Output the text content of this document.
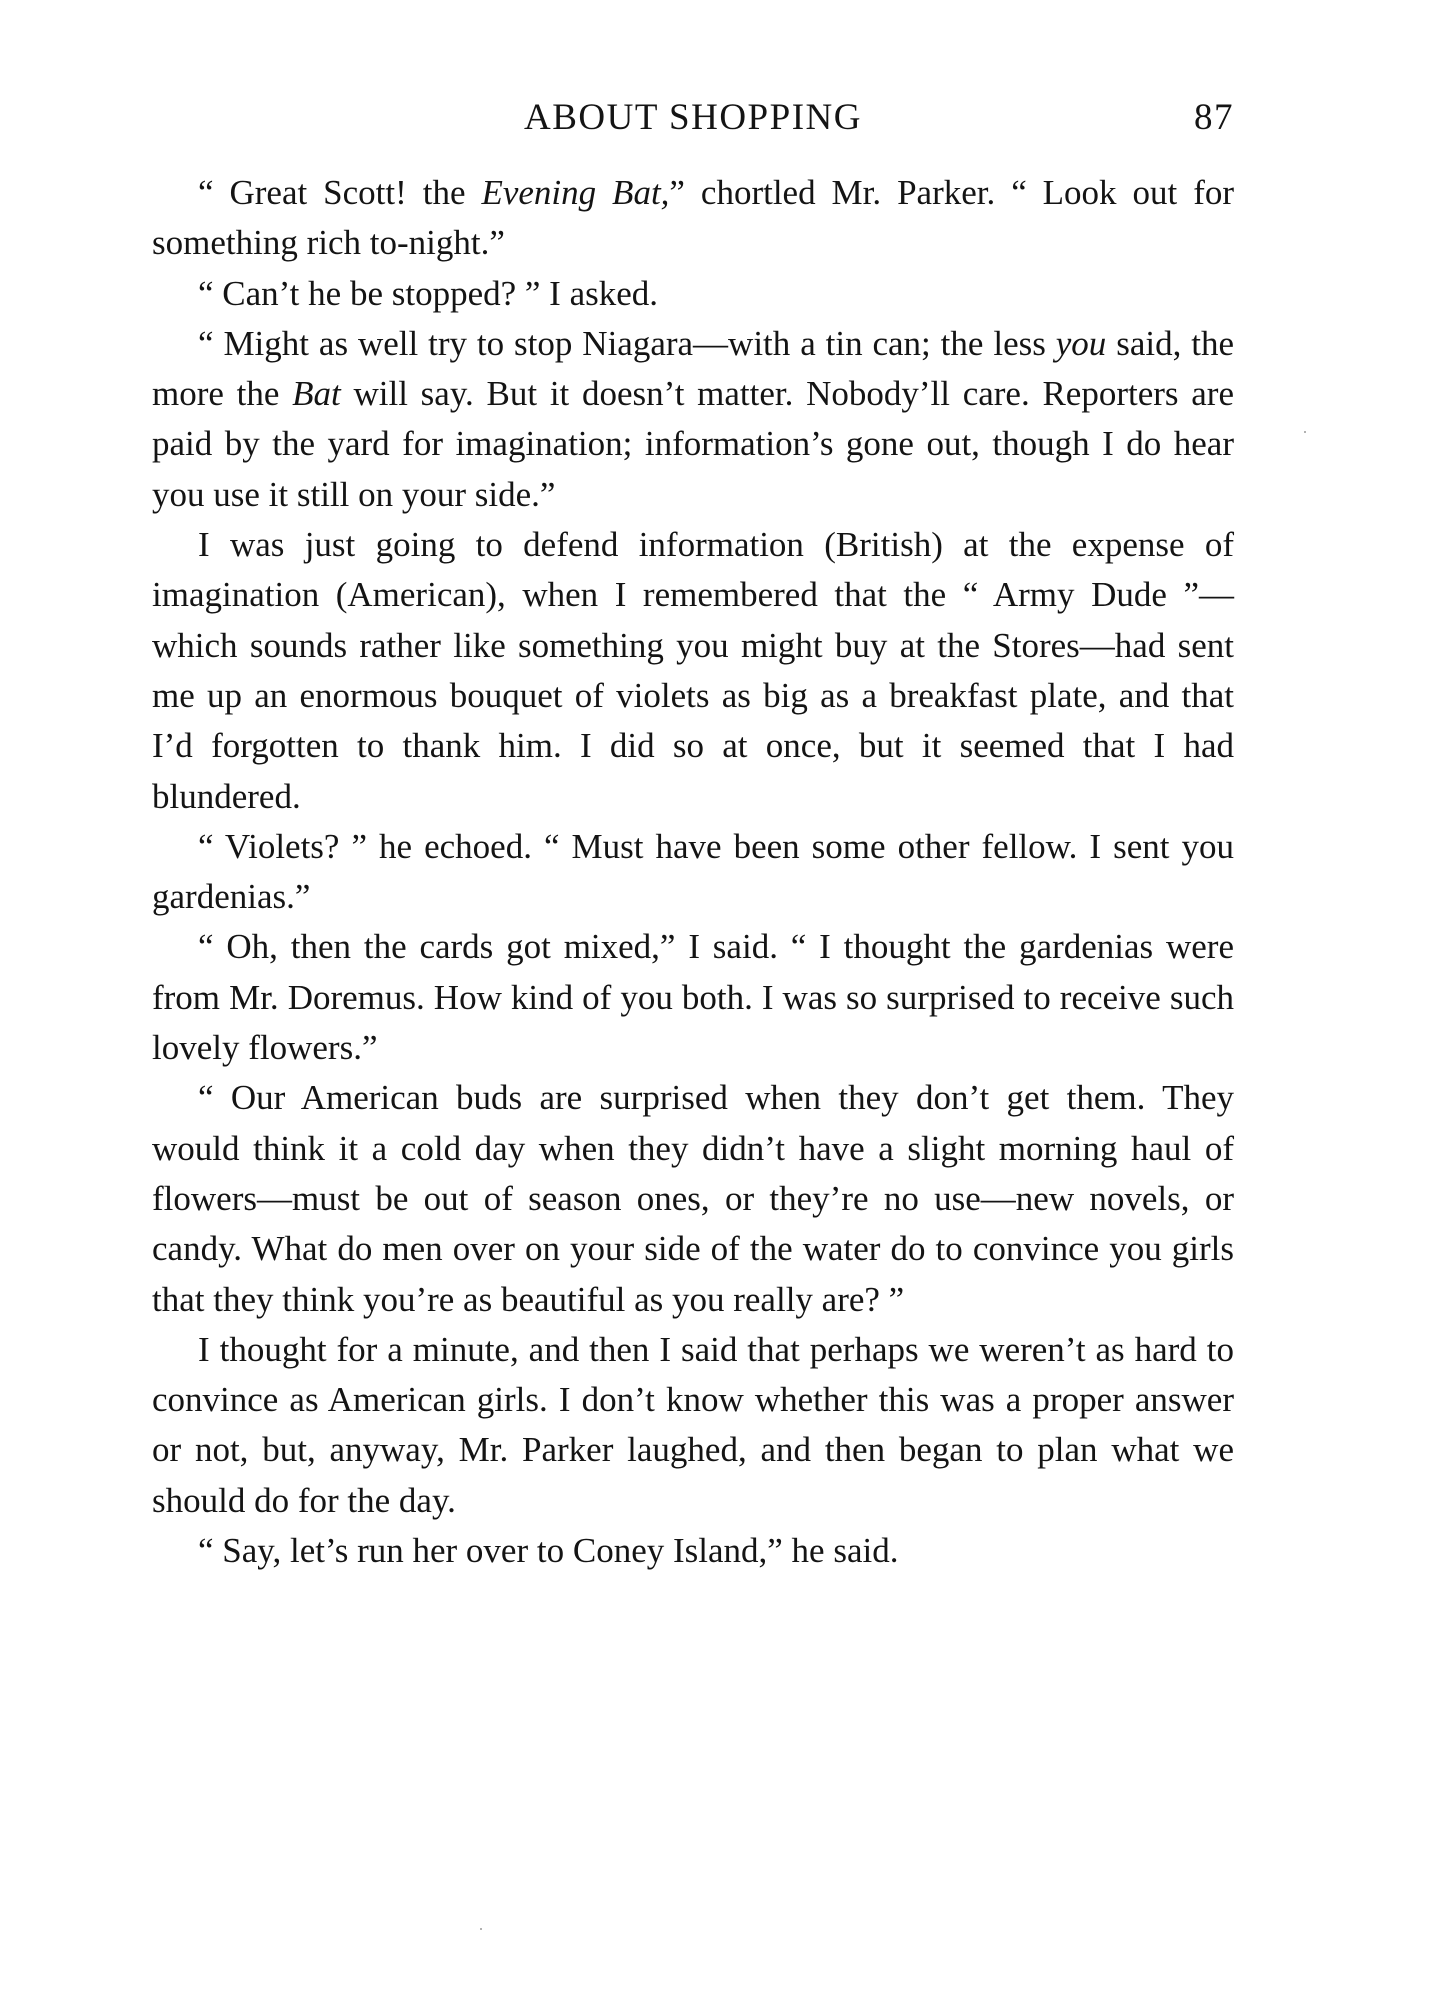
ABOUT SHOPPING	87

“ Great Scott! the Evening Bat,” chortled Mr. Parker. “ Look out for something rich to-night.”

“ Can’t he be stopped? ” I asked.

“ Might as well try to stop Niagara—with a tin can; the less you said, the more the Bat will say. But it doesn’t matter. Nobody’ll care. Reporters are paid by the yard for imagination; information’s gone out, though I do hear you use it still on your side.”

I was just going to defend information (British) at the expense of imagination (American), when I remembered that the “ Army Dude ”—which sounds rather like something you might buy at the Stores—had sent me up an enormous bouquet of violets as big as a breakfast plate, and that I’d forgotten to thank him. I did so at once, but it seemed that I had blundered.

“ Violets? ” he echoed. “ Must have been some other fellow. I sent you gardenias.”

“ Oh, then the cards got mixed,” I said. “ I thought the gardenias were from Mr. Doremus. How kind of you both. I was so surprised to receive such lovely flowers.”

“ Our American buds are surprised when they don’t get them. They would think it a cold day when they didn’t have a slight morning haul of flowers—must be out of season ones, or they’re no use—new novels, or candy. What do men over on your side of the water do to convince you girls that they think you’re as beautiful as you really are? ”

I thought for a minute, and then I said that perhaps we weren’t as hard to convince as American girls. I don’t know whether this was a proper answer or not, but, anyway, Mr. Parker laughed, and then began to plan what we should do for the day.

“ Say, let’s run her over to Coney Island,” he said.
